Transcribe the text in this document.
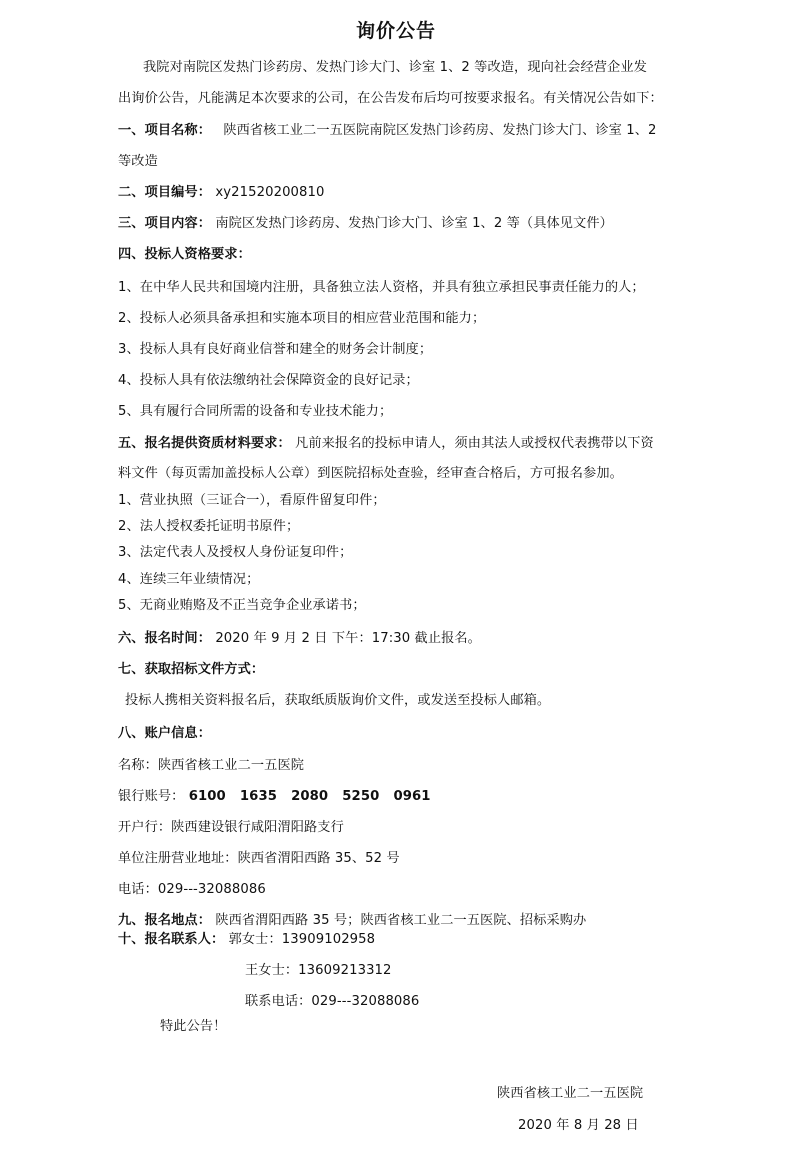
询价公告
我院对南院区发热门诊药房、发热门诊大门、诊室 1、2 等改造，现向社会经营企业发
出询价公告，凡能满足本次要求的公司，在公告发布后均可按要求报名。有关情况公告如下：
一、项目名称： 陕西省核工业二一五医院南院区发热门诊药房、发热门诊大门、诊室 1、2
等改造
二、项目编号： xy21520200810
三、项目内容： 南院区发热门诊药房、发热门诊大门、诊室 1、2 等（具体见文件）
四、投标人资格要求：
1、在中华人民共和国境内注册，具备独立法人资格，并具有独立承担民事责任能力的人；
2、投标人必须具备承担和实施本项目的相应营业范围和能力；
3、投标人具有良好商业信誉和建全的财务会计制度；
4、投标人具有依法缴纳社会保障资金的良好记录；
5、具有履行合同所需的设备和专业技术能力；
五、报名提供资质材料要求： 凡前来报名的投标申请人，须由其法人或授权代表携带以下资
料文件（每页需加盖投标人公章）到医院招标处查验，经审查合格后，方可报名参加。
1、营业执照（三证合一），看原件留复印件；
2、法人授权委托证明书原件；
3、法定代表人及授权人身份证复印件；
4、连续三年业绩情况；
5、无商业贿赂及不正当竞争企业承诺书；
六、报名时间： 2020 年 9 月 2 日 下午：17:30 截止报名。
七、获取招标文件方式：
投标人携相关资料报名后，获取纸质版询价文件，或发送至投标人邮箱。
八、账户信息：
名称：陕西省核工业二一五医院
银行账号： 6100   1635   2080   5250   0961
开户行：陕西建设银行咸阳渭阳路支行
单位注册营业地址：陕西省渭阳西路 35、52 号
电话：029---32088086
九、报名地点： 陕西省渭阳西路 35 号；陕西省核工业二一五医院、招标采购办
十、报名联系人： 郭女士：13909102958
王女士：13609213312
联系电话：029---32088086
特此公告！
陕西省核工业二一五医院
2020 年 8 月 28 日
